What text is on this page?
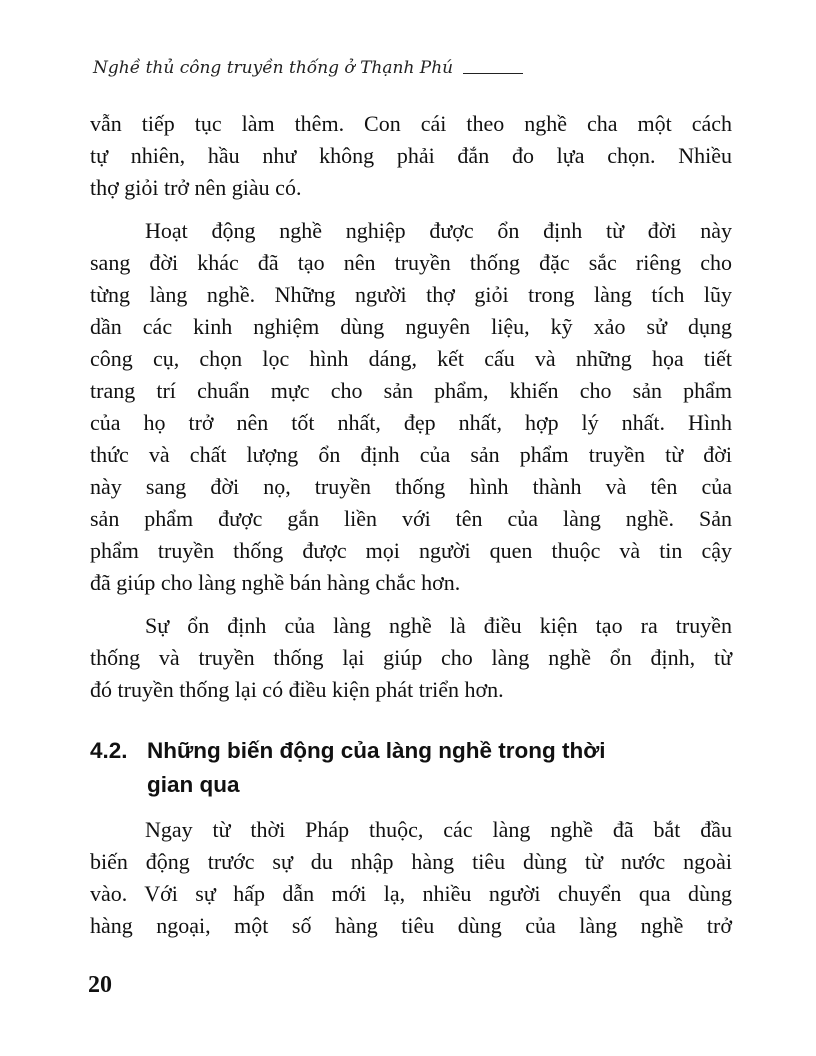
Nghề thủ công truyền thống ở Thạnh Phú
vẫn tiếp tục làm thêm. Con cái theo nghề cha một cách
tự nhiên, hầu như không phải đắn đo lựa chọn. Nhiều
thợ giỏi trở nên giàu có.
Hoạt động nghề nghiệp được ổn định từ đời này
sang đời khác đã tạo nên truyền thống đặc sắc riêng cho
từng làng nghề. Những người thợ giỏi trong làng tích lũy
dần các kinh nghiệm dùng nguyên liệu, kỹ xảo sử dụng
công cụ, chọn lọc hình dáng, kết cấu và những họa tiết
trang trí chuẩn mực cho sản phẩm, khiến cho sản phẩm
của họ trở nên tốt nhất, đẹp nhất, hợp lý nhất. Hình
thức và chất lượng ổn định của sản phẩm truyền từ đời
này sang đời nọ, truyền thống hình thành và tên của
sản phẩm được gắn liền với tên của làng nghề. Sản
phẩm truyền thống được mọi người quen thuộc và tin cậy
đã giúp cho làng nghề bán hàng chắc hơn.
Sự ổn định của làng nghề là điều kiện tạo ra truyền
thống và truyền thống lại giúp cho làng nghề ổn định, từ
đó truyền thống lại có điều kiện phát triển hơn.
4.2. Những biến động của làng nghề trong thời
gian qua
Ngay từ thời Pháp thuộc, các làng nghề đã bắt đầu
biến động trước sự du nhập hàng tiêu dùng từ nước ngoài
vào. Với sự hấp dẫn mới lạ, nhiều người chuyển qua dùng
hàng ngoại, một số hàng tiêu dùng của làng nghề trở
20
